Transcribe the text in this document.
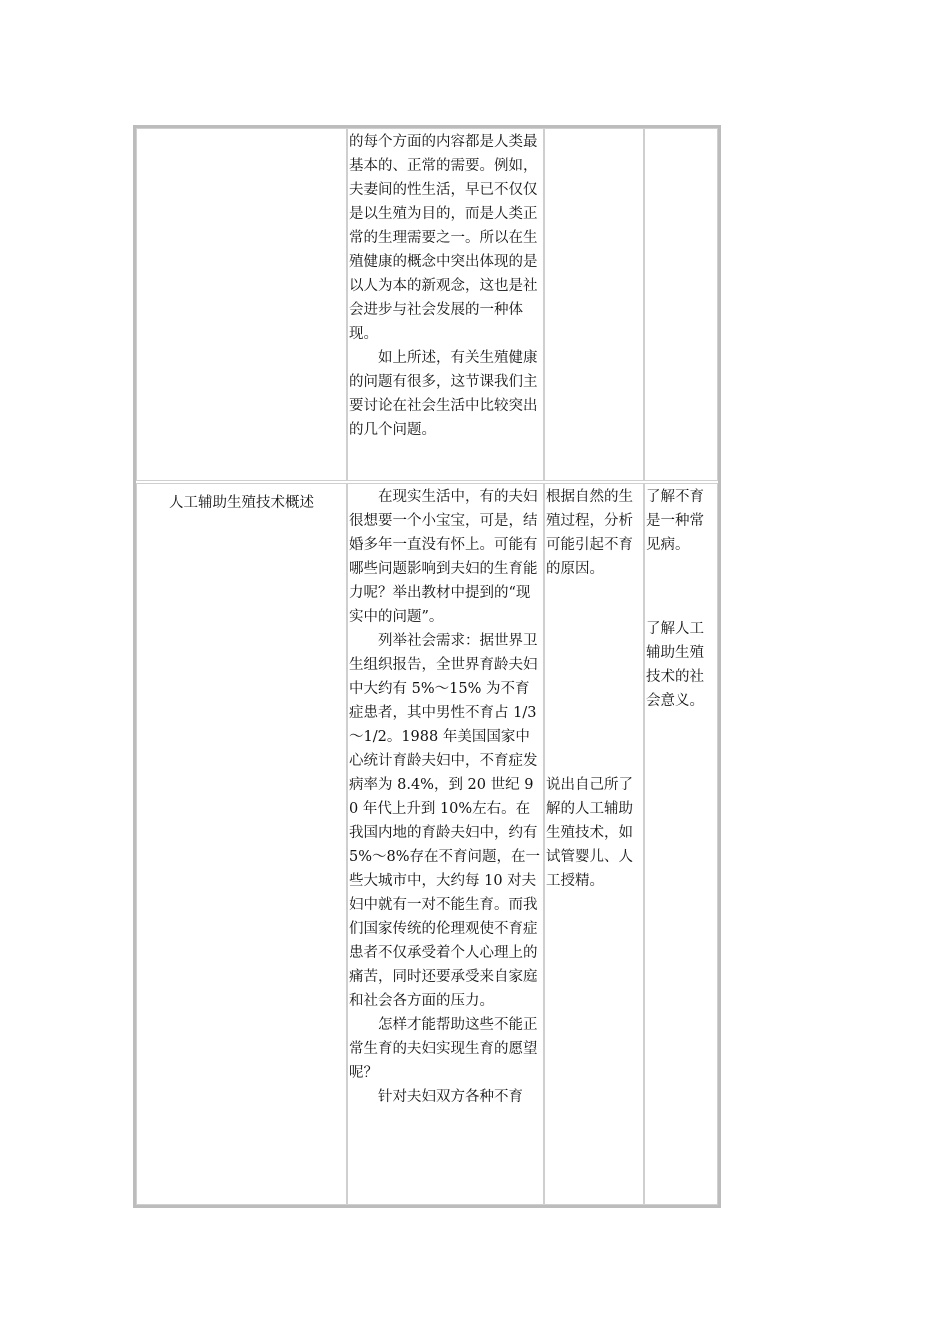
的每个方面的内容都是人类最基本的、正常的需要。例如，夫妻间的性生活，早已不仅仅是以生殖为目的，而是人类正常的生理需要之一。所以在生殖健康的概念中突出体现的是以人为本的新观念，这也是社会进步与社会发展的一种体现。

如上所述，有关生殖健康的问题有很多，这节课我们主要讨论在社会生活中比较突出的几个问题。

人工辅助生殖技术概述	在现实生活中，有的夫妇很想要一个小宝宝，可是，结婚多年一直没有怀上。可能有哪些问题影响到夫妇的生育能力呢？举出教材中提到的“现实中的问题”。

列举社会需求：据世界卫生组织报告，全世界育龄夫妇中大约有 5%～15% 为不育症患者，其中男性不育占 1/3～1/2。1988 年美国国家中心统计育龄夫妇中，不育症发病率为 8.4%，到 20 世纪 90 年代上升到 10%左右。在我国内地的育龄夫妇中，约有5%～8%存在不育问题，在一些大城市中，大约每 10 对夫妇中就有一对不能生育。而我们国家传统的伦理观使不育症患者不仅承受着个人心理上的痛苦，同时还要承受来自家庭和社会各方面的压力。

怎样才能帮助这些不能正常生育的夫妇实现生育的愿望呢？

针对夫妇双方各种不育

根据自然的生殖过程，分析可能引起不育的原因。

说出自己所了解的人工辅助生殖技术，如试管婴儿、人工授精。

了解不育是一种常见病。

了解人工辅助生殖技术的社会意义。
